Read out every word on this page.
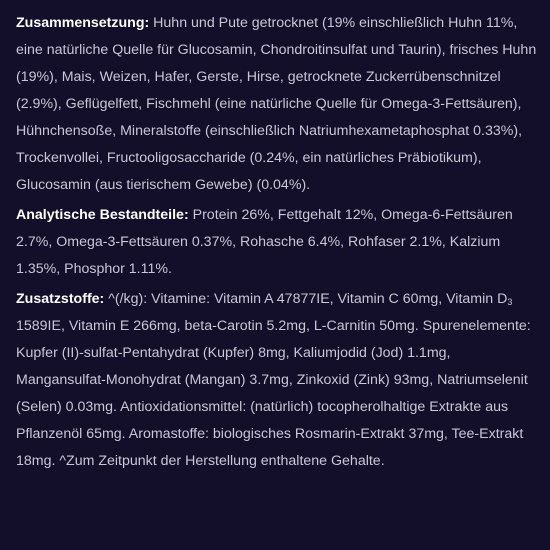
Zusammensetzung: Huhn und Pute getrocknet (19% einschließlich Huhn 11%, eine natürliche Quelle für Glucosamin, Chondroitinsulfat und Taurin), frisches Huhn (19%), Mais, Weizen, Hafer, Gerste, Hirse, getrocknete Zuckerrübenschnitzel (2.9%), Geflügelfett, Fischmehl (eine natürliche Quelle für Omega-3-Fettsäuren), Hühnchensoße, Mineralstoffe (einschließlich Natriumhexametaphosphat 0.33%), Trockenvollei, Fructooligosaccharide (0.24%, ein natürliches Präbiotikum), Glucosamin (aus tierischem Gewebe) (0.04%).

Analytische Bestandteile: Protein 26%, Fettgehalt 12%, Omega-6-Fettsäuren 2.7%, Omega-3-Fettsäuren 0.37%, Rohasche 6.4%, Rohfaser 2.1%, Kalzium 1.35%, Phosphor 1.11%.

Zusatzstoffe: ^(/kg): Vitamine: Vitamin A 47877IE, Vitamin C 60mg, Vitamin $D_3$ 1589IE, Vitamin E 266mg, beta-Carotin 5.2mg, L-Carnitin 50mg. Spurenelemente: Kupfer (II)-sulfat-Pentahydrat (Kupfer) 8mg, Kaliumjodid (Jod) 1.1mg, Mangansulfat-Monohydrat (Mangan) 3.7mg, Zinkoxid (Zink) 93mg, Natriumselenit (Selen) 0.03mg. Antioxidationsmittel: (natürlich) tocopherolhaltige Extrakte aus Pflanzenöl 65mg. Aromastoffe: biologisches Rosmarin-Extrakt 37mg, Tee-Extrakt 18mg. ^Zum Zeitpunkt der Herstellung enthaltene Gehalte.
